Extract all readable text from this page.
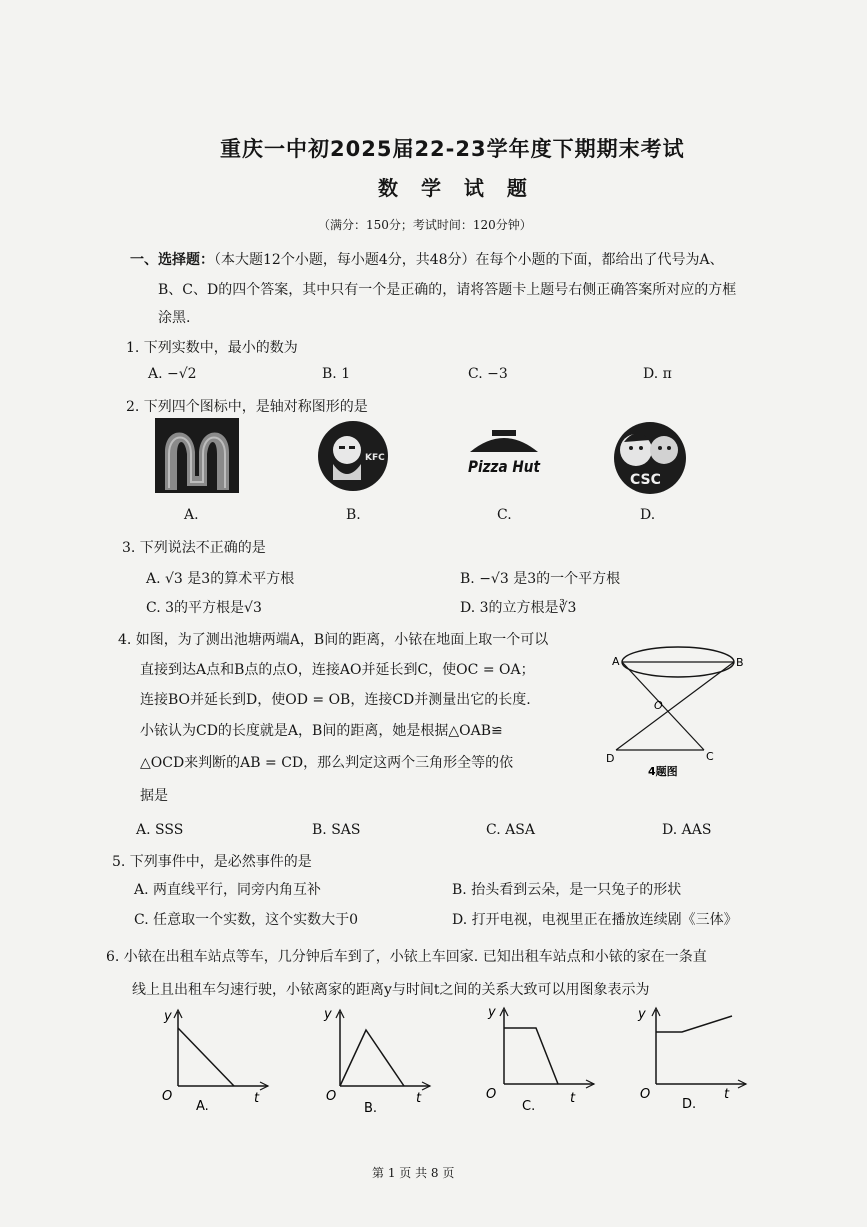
重庆一中初2025届22-23学年度下期期末考试
数 学 试 题
（满分：150分；考试时间：120分钟）
一、选择题：（本大题12个小题，每小题4分，共48分）在每个小题的下面，都给出了代号为A、
B、C、D的四个答案，其中只有一个是正确的，请将答题卡上题号右侧正确答案所对应的方框
涂黑.
1. 下列实数中，最小的数为
A. −√2	B. 1	C. −3	D. π
2. 下列四个图标中，是轴对称图形的是
KFC	Pizza Hut
CSC
A.	B.	C.	D.
3. 下列说法不正确的是
A. √3 是3的算术平方根	B. −√3 是3的一个平方根
C. 3的平方根是√3	D. 3的立方根是∛3
4. 如图，为了测出池塘两端A，B间的距离，小铱在地面上取一个可以
直接到达A点和B点的点O，连接AO并延长到C，使OC = OA；
连接BO并延长到D，使OD = OB，连接CD并测量出它的长度.
小铱认为CD的长度就是A，B间的距离，她是根据△OAB≌
△OCD来判断的AB = CD，那么判定这两个三角形全等的依
据是
A	B
O
D	C
4题图
A. SSS	B. SAS	C. ASA	D. AAS
5. 下列事件中，是必然事件的是
A. 两直线平行，同旁内角互补	B. 抬头看到云朵，是一只兔子的形状
C. 任意取一个实数，这个实数大于0	D. 打开电视，电视里正在播放连续剧《三体》
6. 小铱在出租车站点等车，几分钟后车到了，小铱上车回家. 已知出租车站点和小铱的家在一条直
线上且出租车匀速行驶，小铱离家的距离y与时间t之间的关系大致可以用图象表示为
y
t
O
A.
y
t
O
B.
y
t
O
C.
y
t
O
D.
第 1 页 共 8 页
